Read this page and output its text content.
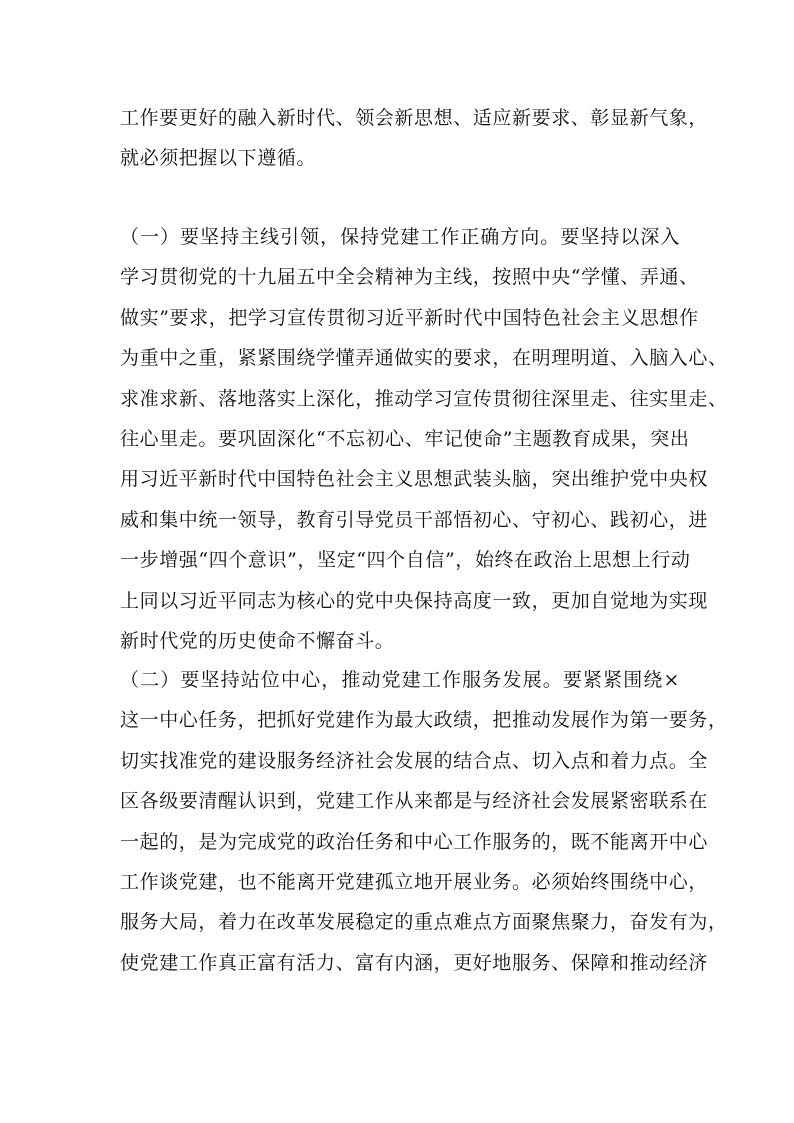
工作要更好的融入新时代、领会新思想、适应新要求、彰显新气象，
就必须把握以下遵循。
（一）要坚持主线引领，保持党建工作正确方向。要坚持以深入
学习贯彻党的十九届五中全会精神为主线，按照中央“学懂、弄通、
做实”要求，把学习宣传贯彻习近平新时代中国特色社会主义思想作
为重中之重，紧紧围绕学懂弄通做实的要求，在明理明道、入脑入心、
求准求新、落地落实上深化，推动学习宣传贯彻往深里走、往实里走、
往心里走。要巩固深化“不忘初心、牢记使命”主题教育成果，突出
用习近平新时代中国特色社会主义思想武装头脑，突出维护党中央权
威和集中统一领导，教育引导党员干部悟初心、守初心、践初心，进
一步增强“四个意识”，坚定“四个自信”，始终在政治上思想上行动
上同以习近平同志为核心的党中央保持高度一致，更加自觉地为实现
新时代党的历史使命不懈奋斗。
（二）要坚持站位中心，推动党建工作服务发展。要紧紧围绕×
这一中心任务，把抓好党建作为最大政绩，把推动发展作为第一要务，
切实找准党的建设服务经济社会发展的结合点、切入点和着力点。全
区各级要清醒认识到，党建工作从来都是与经济社会发展紧密联系在
一起的，是为完成党的政治任务和中心工作服务的，既不能离开中心
工作谈党建，也不能离开党建孤立地开展业务。必须始终围绕中心，
服务大局，着力在改革发展稳定的重点难点方面聚焦聚力，奋发有为，
使党建工作真正富有活力、富有内涵，更好地服务、保障和推动经济
